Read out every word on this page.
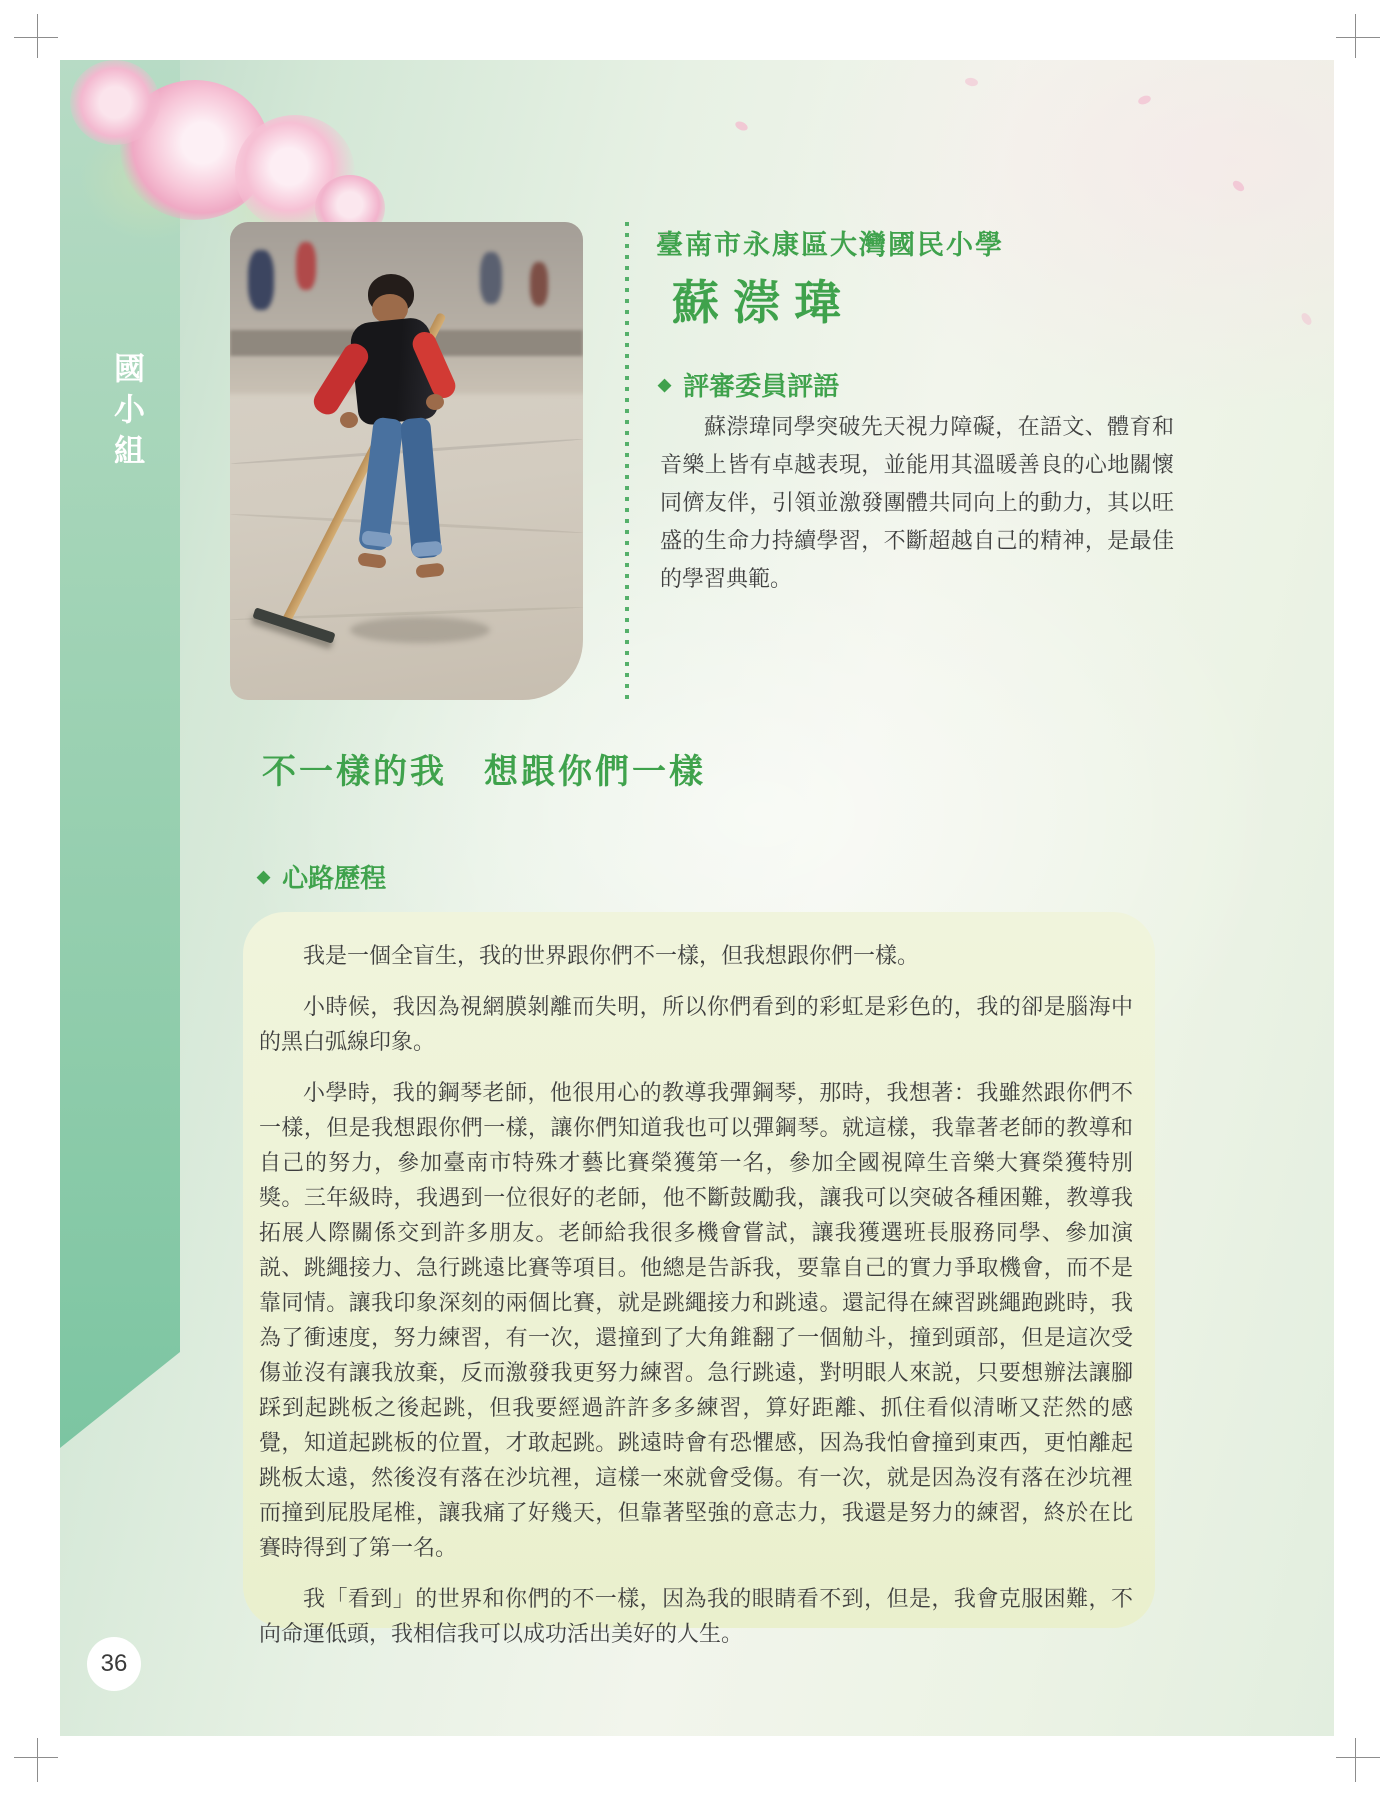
國小組
臺南市永康區大灣國民小學
蘇漴瑋
◆ 評審委員評語
蘇漴瑋同學突破先天視力障礙，在語文、體育和音樂上皆有卓越表現，並能用其溫暖善良的心地關懷同儕友伴，引領並激發團體共同向上的動力，其以旺盛的生命力持續學習，不斷超越自己的精神，是最佳的學習典範。
不一樣的我　想跟你們一樣
◆ 心路歷程

我是一個全盲生，我的世界跟你們不一樣，但我想跟你們一樣。

小時候，我因為視網膜剝離而失明，所以你們看到的彩虹是彩色的，我的卻是腦海中的黑白弧線印象。

小學時，我的鋼琴老師，他很用心的教導我彈鋼琴，那時，我想著：我雖然跟你們不一樣，但是我想跟你們一樣，讓你們知道我也可以彈鋼琴。就這樣，我靠著老師的教導和自己的努力，參加臺南市特殊才藝比賽榮獲第一名，參加全國視障生音樂大賽榮獲特別獎。三年級時，我遇到一位很好的老師，他不斷鼓勵我，讓我可以突破各種困難，教導我拓展人際關係交到許多朋友。老師給我很多機會嘗試，讓我獲選班長服務同學、參加演説、跳繩接力、急行跳遠比賽等項目。他總是告訴我，要靠自己的實力爭取機會，而不是靠同情。讓我印象深刻的兩個比賽，就是跳繩接力和跳遠。還記得在練習跳繩跑跳時，我為了衝速度，努力練習，有一次，還撞到了大角錐翻了一個觔斗，撞到頭部，但是這次受傷並沒有讓我放棄，反而激發我更努力練習。急行跳遠，對明眼人來説，只要想辦法讓腳踩到起跳板之後起跳，但我要經過許許多多練習，算好距離、抓住看似清晰又茫然的感覺，知道起跳板的位置，才敢起跳。跳遠時會有恐懼感，因為我怕會撞到東西，更怕離起跳板太遠，然後沒有落在沙坑裡，這樣一來就會受傷。有一次，就是因為沒有落在沙坑裡而撞到屁股尾椎，讓我痛了好幾天，但靠著堅強的意志力，我還是努力的練習，終於在比賽時得到了第一名。

我「看到」的世界和你們的不一樣，因為我的眼睛看不到，但是，我會克服困難，不向命運低頭，我相信我可以成功活出美好的人生。

36
